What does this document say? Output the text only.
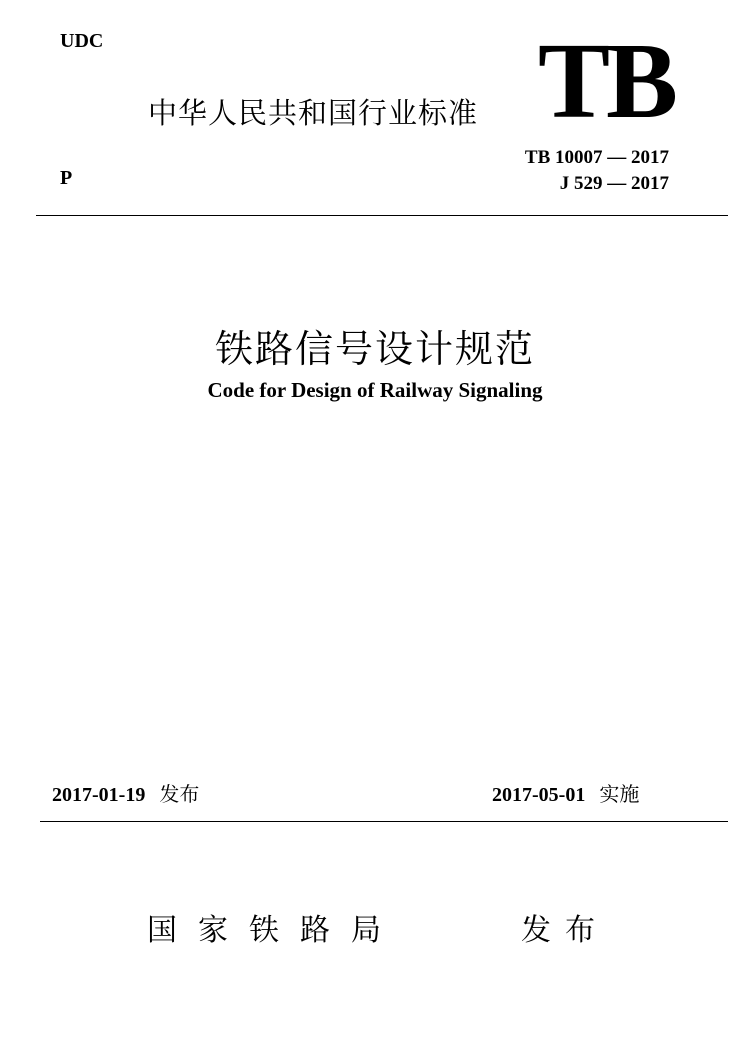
UDC	TB
中华人民共和国行业标准
P
TB 10007 — 2017
J 529 — 2017
铁路信号设计规范
Code for Design of Railway Signaling
2017-01-19 发布	2017-05-01 实施
国家铁路局	发布
